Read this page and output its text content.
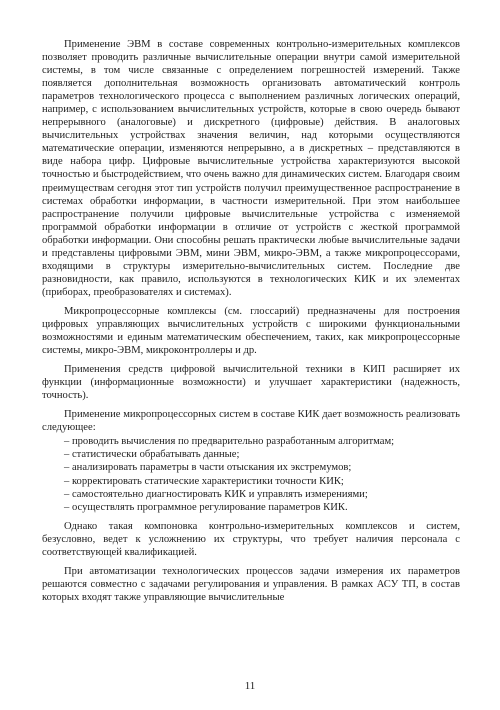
Применение ЭВМ в составе современных контрольно-измерительных комплексов позволяет проводить различные вычислительные операции внутри самой измерительной системы, в том числе связанные с определением погрешностей измерений. Также появляется дополнительная возможность организовать автоматический контроль параметров технологического процесса с выполнением различных логических операций, например, с использованием вычислительных устройств, которые в свою очередь бывают непрерывного (аналоговые) и дискретного (цифровые) действия. В аналоговых вычислительных устройствах значения величин, над которыми осуществляются математические операции, изменяются непрерывно, а в дискретных – представляются в виде набора цифр. Цифровые вычислительные устройства характеризуются высокой точностью и быстродействием, что очень важно для динамических систем. Благодаря своим преимуществам сегодня этот тип устройств получил преимущественное распространение в системах обработки информации, в частности измерительной. При этом наибольшее распространение получили цифровые вычислительные устройства с изменяемой программой обработки информации в отличие от устройств с жесткой программой обработки информации. Они способны решать практически любые вычислительные задачи и представлены цифровыми ЭВМ, мини ЭВМ, микро-ЭВМ, а также микропроцессорами, входящими в структуры измерительно-вычислительных систем. Последние две разновидности, как правило, используются в технологических КИК и их элементах (приборах, преобразователях и системах).

Микропроцессорные комплексы (см. глоссарий) предназначены для построения цифровых управляющих вычислительных устройств с широкими функциональными возможностями и единым математическим обеспечением, таких, как микропроцессорные системы, микро-ЭВМ, микроконтроллеры и др.

Применения средств цифровой вычислительной техники в КИП расширяет их функции (информационные возможности) и улучшает характеристики (надежность, точность).

Применение микропроцессорных систем в составе КИК дает возможность реализовать следующее:

– проводить вычисления по предварительно разработанным алгоритмам;
– статистически обрабатывать данные;
– анализировать параметры в части отыскания их экстремумов;
– корректировать статические характеристики точности КИК;
– самостоятельно диагностировать КИК и управлять измерениями;
– осуществлять программное регулирование параметров КИК.

Однако такая компоновка контрольно-измерительных комплексов и систем, безусловно, ведет к усложнению их структуры, что требует наличия персонала с соответствующей квалификацией.

При автоматизации технологических процессов задачи измерения их параметров решаются совместно с задачами регулирования и управления. В рамках АСУ ТП, в состав которых входят также управляющие вычислительные

11
